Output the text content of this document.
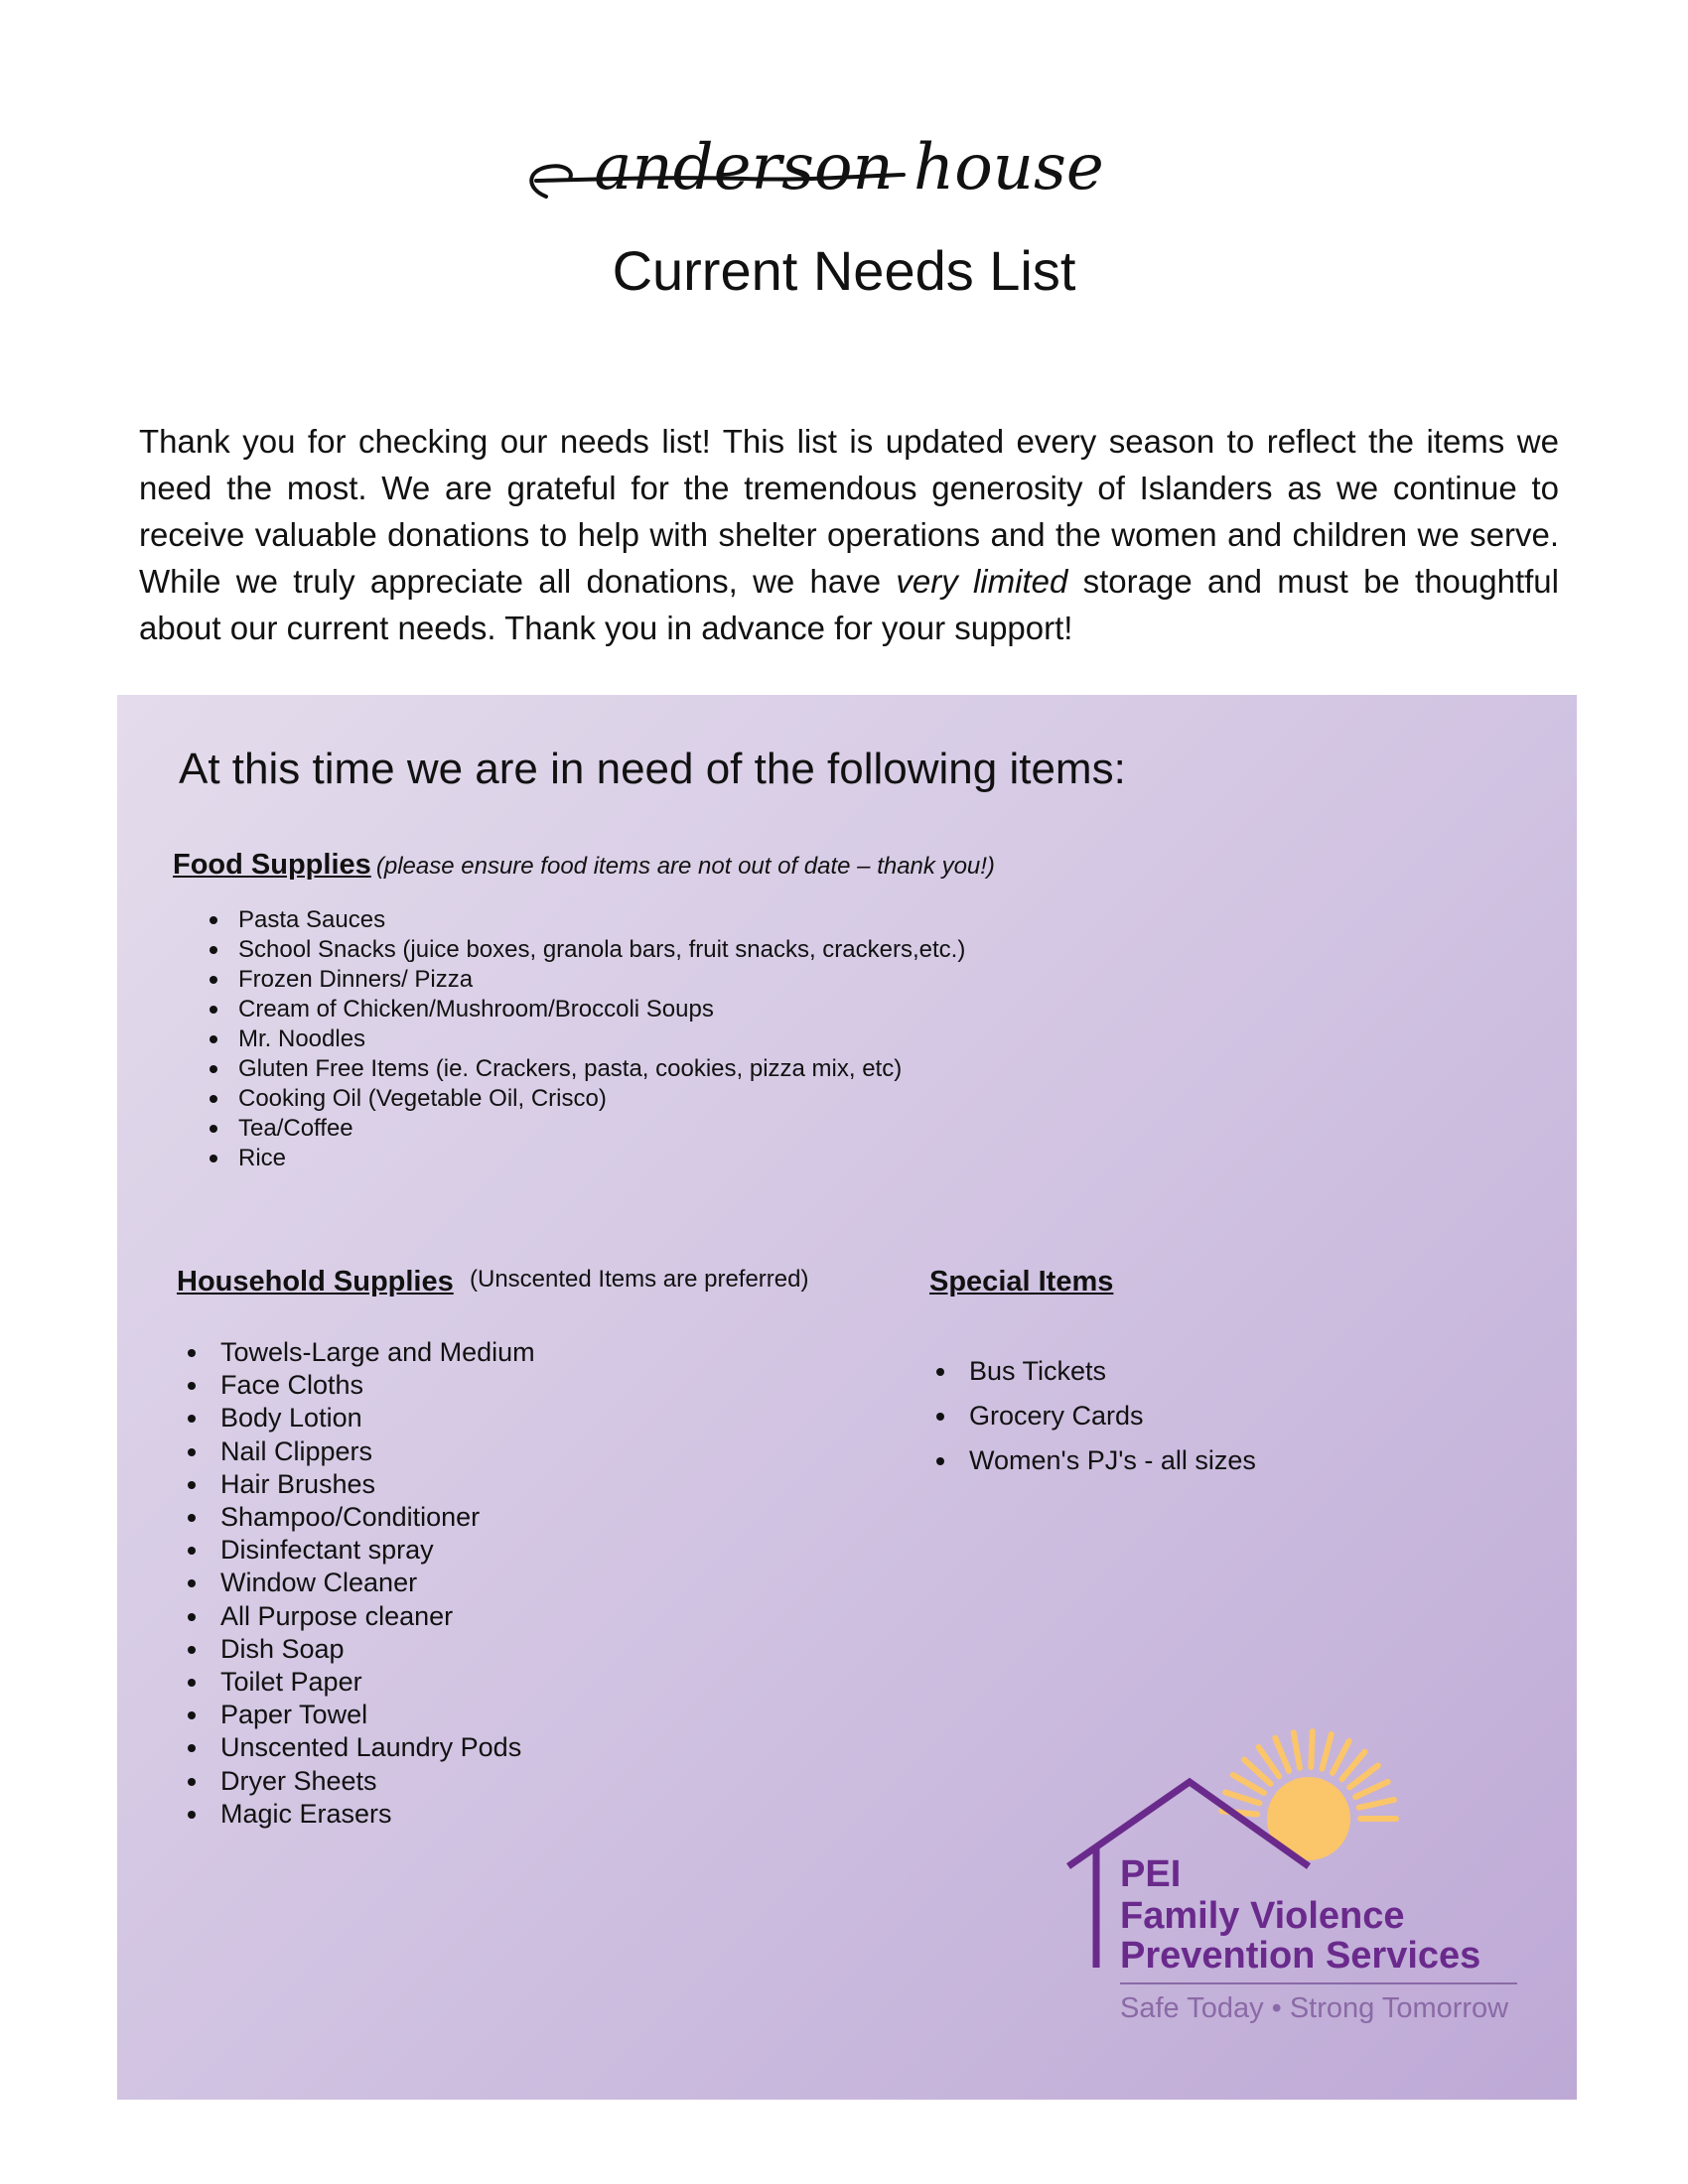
anderson house
Current Needs List

Thank you for checking our needs list! This list is updated every season to reflect the items we need the most. We are grateful for the tremendous generosity of Islanders as we continue to receive valuable donations to help with shelter operations and the women and children we serve. While we truly appreciate all donations, we have very limited storage and must be thoughtful about our current needs. Thank you in advance for your support!

At this time we are in need of the following items:
Food Supplies (please ensure food items are not out of date – thank you!)
Pasta Sauces
School Snacks (juice boxes, granola bars, fruit snacks, crackers,etc.)
Frozen Dinners/ Pizza
Cream of Chicken/Mushroom/Broccoli Soups
Mr. Noodles
Gluten Free Items (ie. Crackers, pasta, cookies, pizza mix, etc)
Cooking Oil (Vegetable Oil, Crisco)
Tea/Coffee
Rice
Household Supplies (Unscented Items are preferred)
Towels-Large and Medium
Face Cloths
Body Lotion
Nail Clippers
Hair Brushes
Shampoo/Conditioner
Disinfectant spray
Window Cleaner
All Purpose cleaner
Dish Soap
Toilet Paper
Paper Towel
Unscented Laundry Pods
Dryer Sheets
Magic Erasers
Special Items
Bus Tickets
Grocery Cards
Women's PJ's - all sizes
PEI
Family Violence
Prevention Services
Safe Today • Strong Tomorrow
